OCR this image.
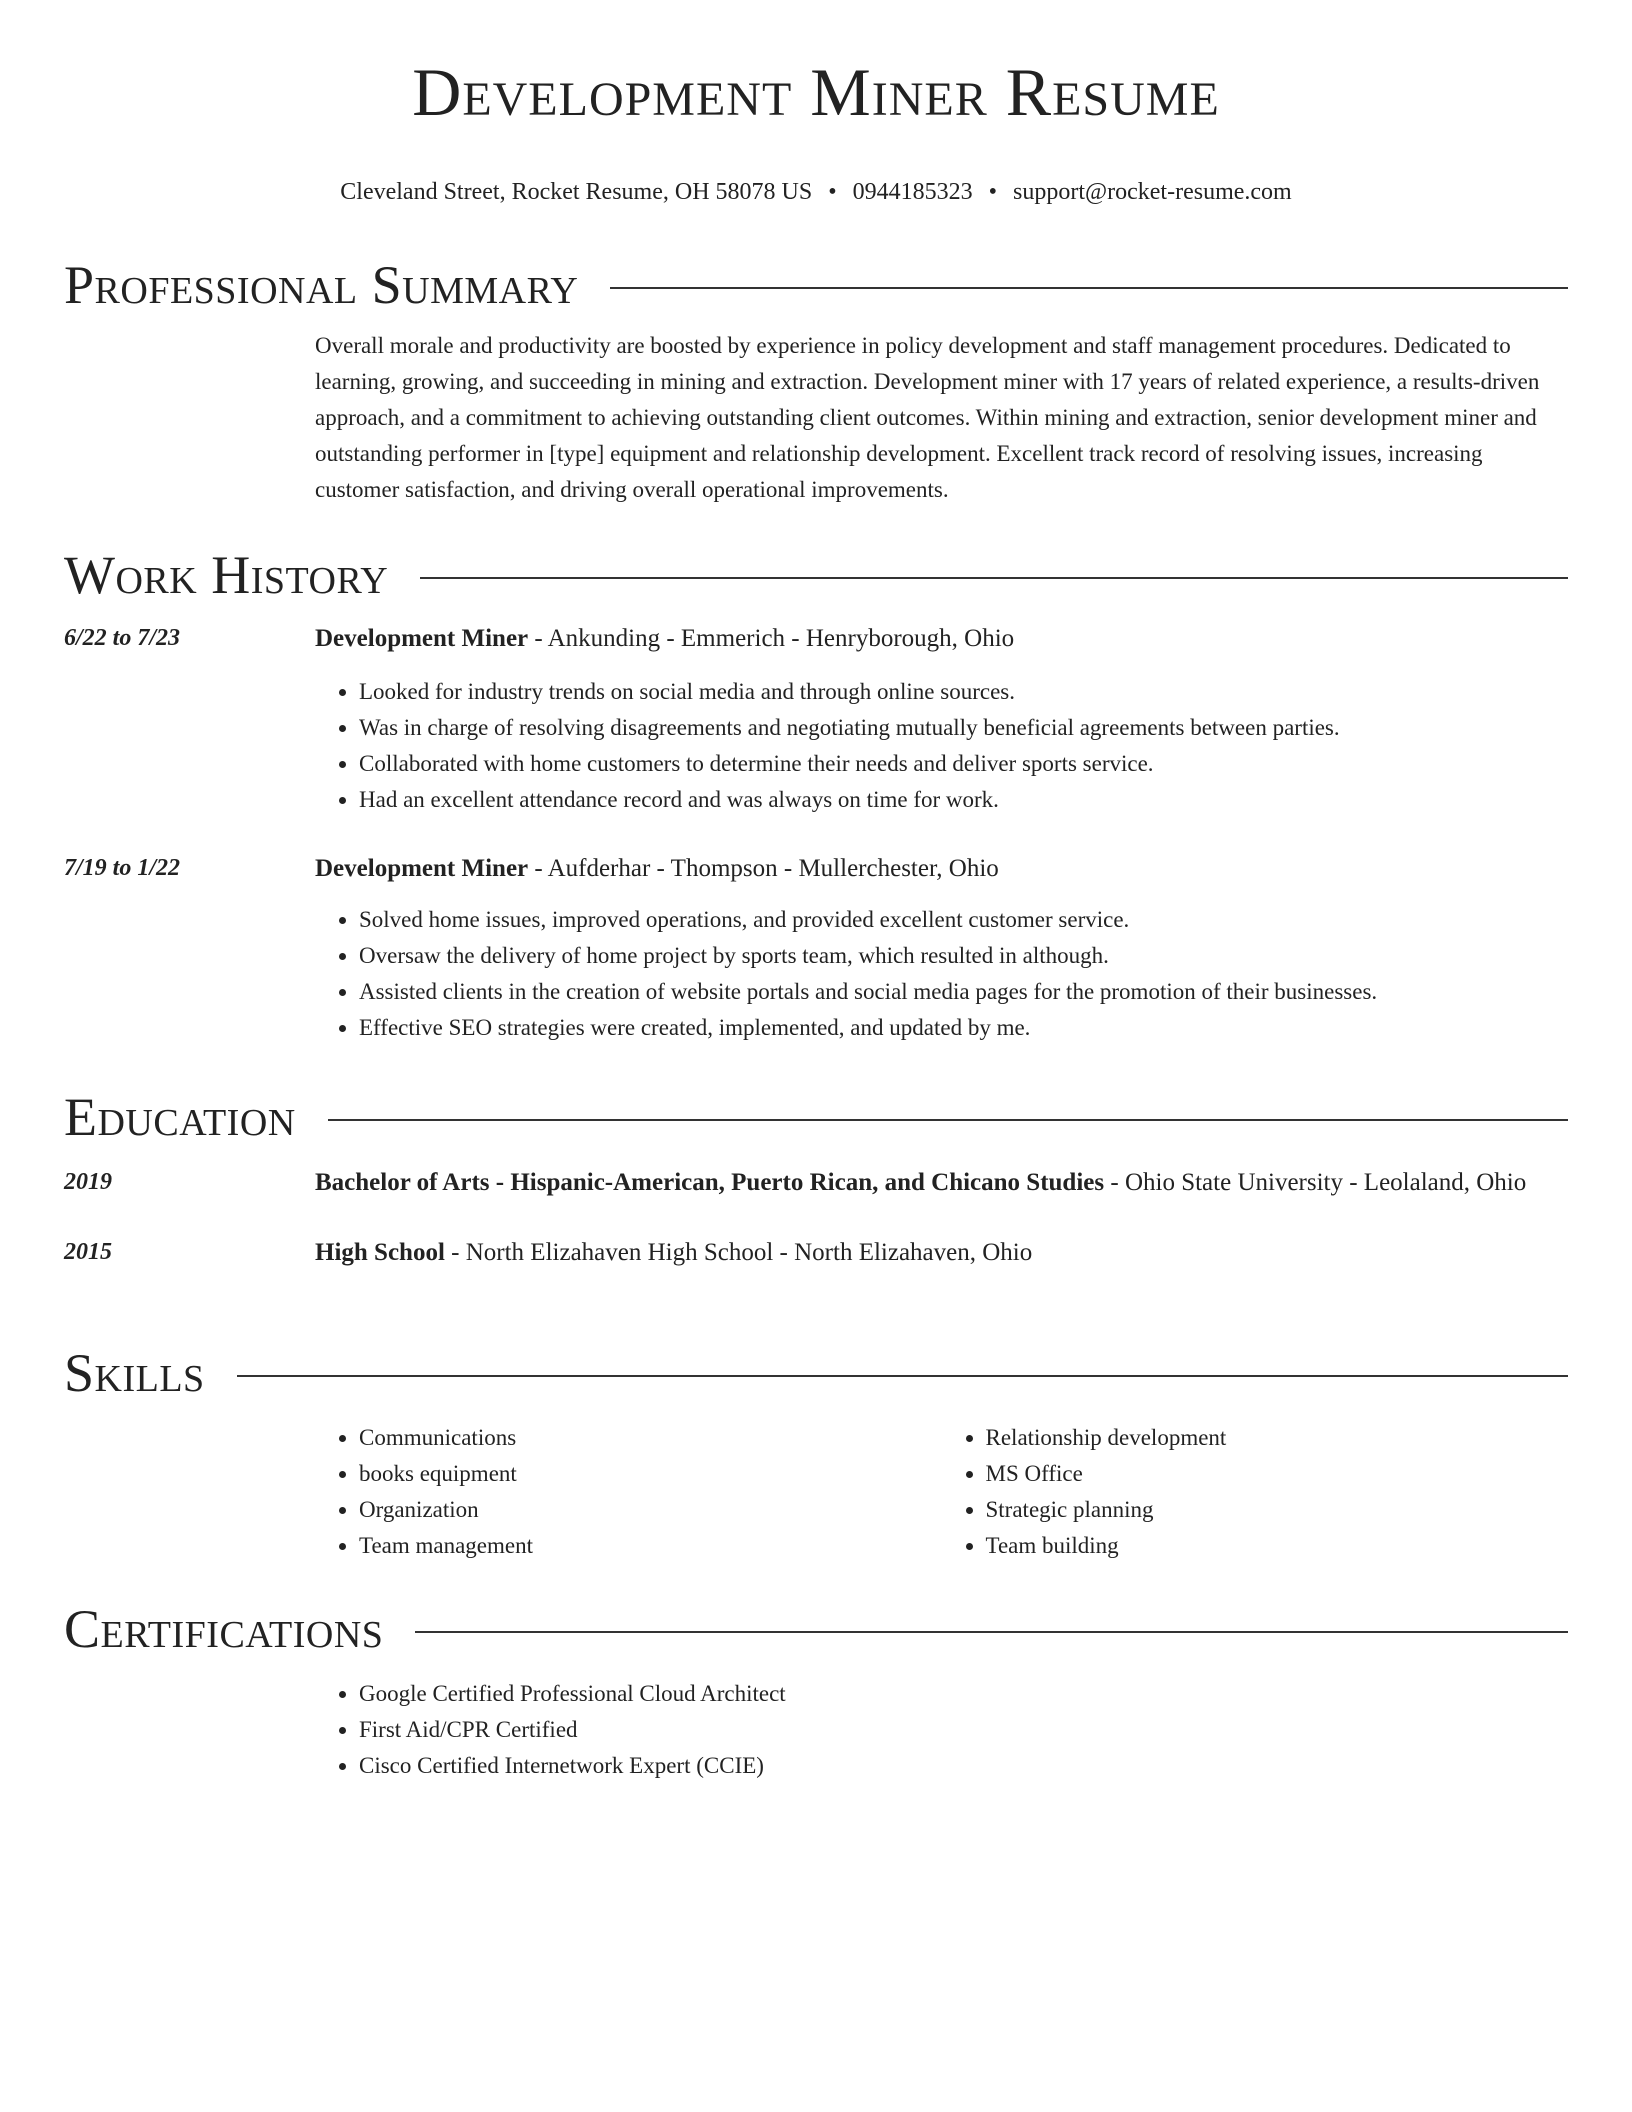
Development Miner Resume
Cleveland Street, Rocket Resume, OH 58078 US • 0944185323 • support@rocket-resume.com
Professional Summary
Overall morale and productivity are boosted by experience in policy development and staff management procedures. Dedicated to learning, growing, and succeeding in mining and extraction. Development miner with 17 years of related experience, a results-driven approach, and a commitment to achieving outstanding client outcomes. Within mining and extraction, senior development miner and outstanding performer in [type] equipment and relationship development. Excellent track record of resolving issues, increasing customer satisfaction, and driving overall operational improvements.
Work History
6/22 to 7/23	Development Miner - Ankunding - Emmerich - Henryborough, Ohio
• Looked for industry trends on social media and through online sources.
• Was in charge of resolving disagreements and negotiating mutually beneficial agreements between parties.
• Collaborated with home customers to determine their needs and deliver sports service.
• Had an excellent attendance record and was always on time for work.
7/19 to 1/22	Development Miner - Aufderhar - Thompson - Mullerchester, Ohio
• Solved home issues, improved operations, and provided excellent customer service.
• Oversaw the delivery of home project by sports team, which resulted in although.
• Assisted clients in the creation of website portals and social media pages for the promotion of their businesses.
• Effective SEO strategies were created, implemented, and updated by me.
Education
2019	Bachelor of Arts - Hispanic-American, Puerto Rican, and Chicano Studies - Ohio State University - Leolaland, Ohio
2015	High School - North Elizahaven High School - North Elizahaven, Ohio
Skills
• Communications
• books equipment
• Organization
• Team management
• Relationship development
• MS Office
• Strategic planning
• Team building
Certifications
• Google Certified Professional Cloud Architect
• First Aid/CPR Certified
• Cisco Certified Internetwork Expert (CCIE)
